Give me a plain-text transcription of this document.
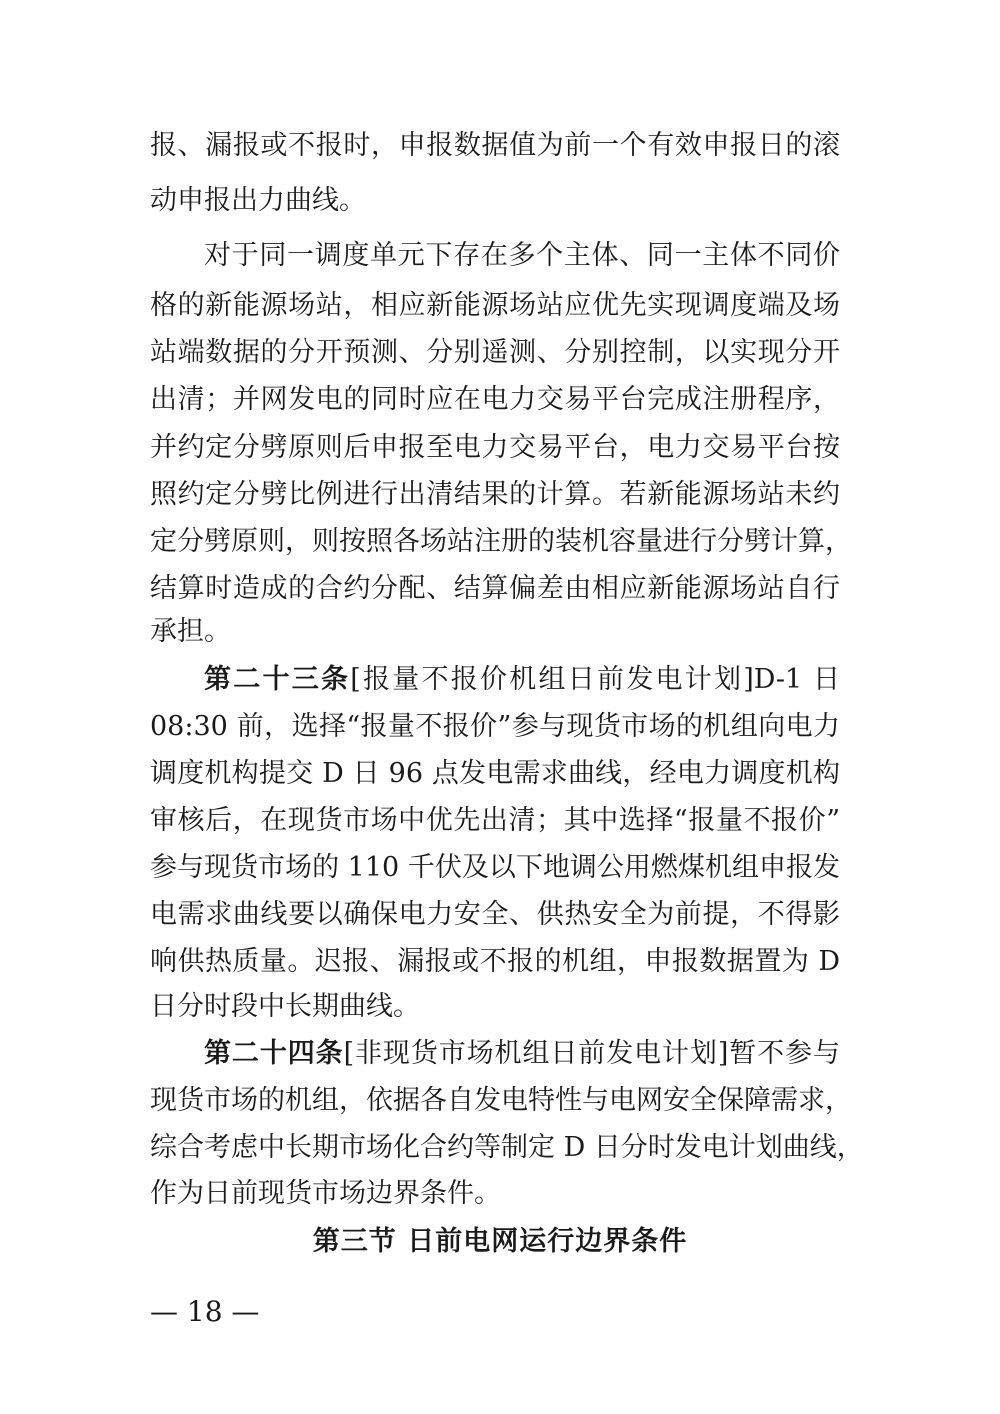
报、漏报或不报时，申报数据值为前一个有效申报日的滚
动申报出力曲线。
对于同一调度单元下存在多个主体、同一主体不同价
格的新能源场站，相应新能源场站应优先实现调度端及场
站端数据的分开预测、分别遥测、分别控制，以实现分开
出清；并网发电的同时应在电力交易平台完成注册程序，
并约定分劈原则后申报至电力交易平台，电力交易平台按
照约定分劈比例进行出清结果的计算。若新能源场站未约
定分劈原则，则按照各场站注册的装机容量进行分劈计算，
结算时造成的合约分配、结算偏差由相应新能源场站自行
承担。
第二十三条[报量不报价机组日前发电计划]D-1 日
08:30 前，选择“报量不报价”参与现货市场的机组向电力
调度机构提交 D 日 96 点发电需求曲线，经电力调度机构
审核后，在现货市场中优先出清；其中选择“报量不报价”
参与现货市场的 110 千伏及以下地调公用燃煤机组申报发
电需求曲线要以确保电力安全、供热安全为前提，不得影
响供热质量。迟报、漏报或不报的机组，申报数据置为 D
日分时段中长期曲线。
第二十四条[非现货市场机组日前发电计划]暂不参与
现货市场的机组，依据各自发电特性与电网安全保障需求，
综合考虑中长期市场化合约等制定 D 日分时发电计划曲线，
作为日前现货市场边界条件。
第三节 日前电网运行边界条件
— 18 —
